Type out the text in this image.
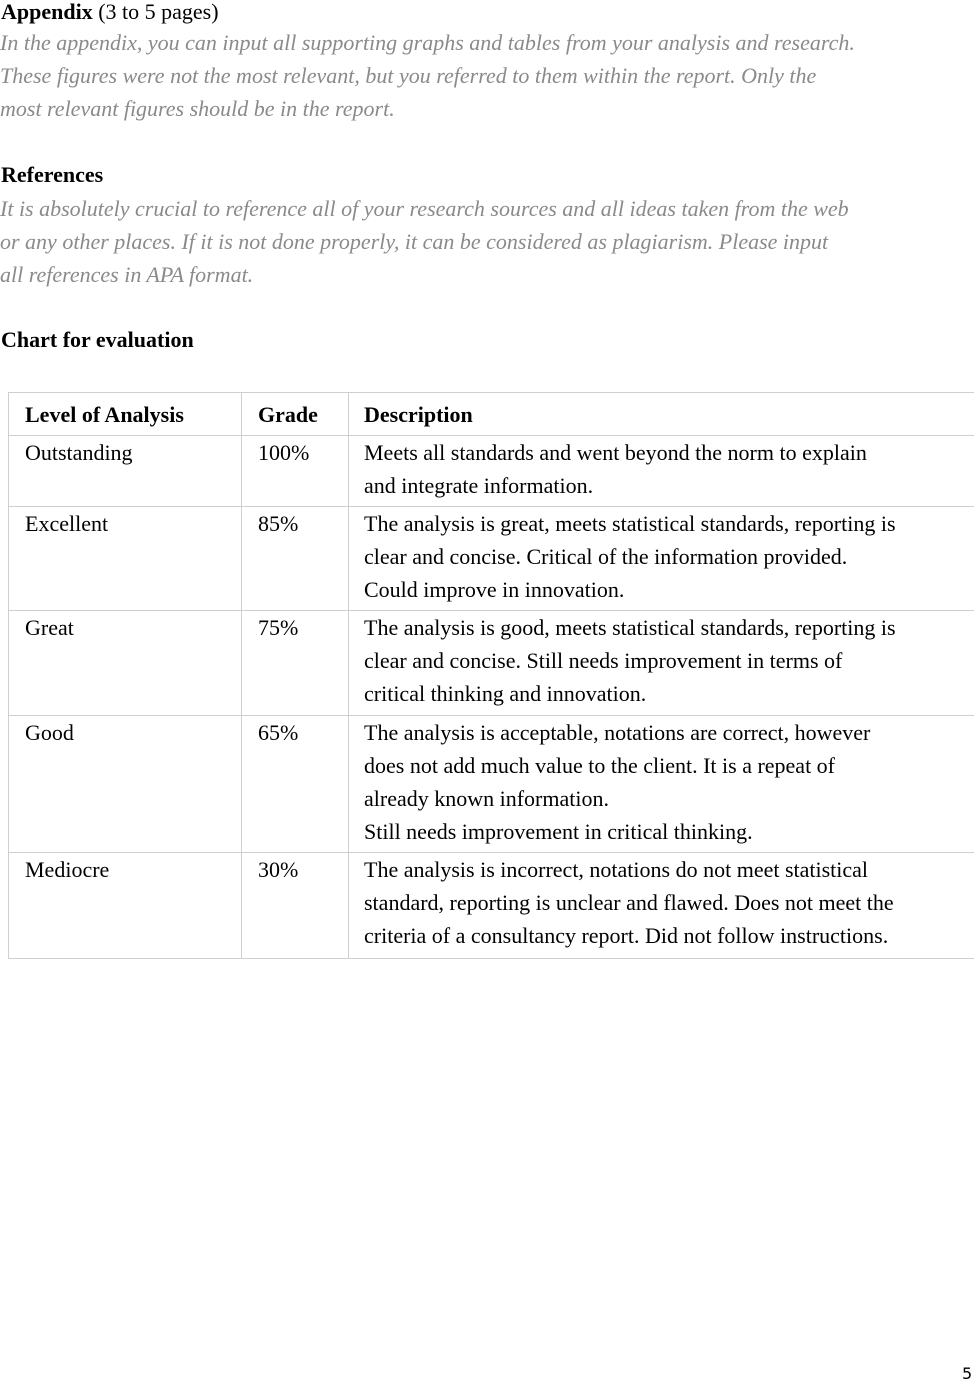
Appendix (3 to 5 pages)
In the appendix, you can input all supporting graphs and tables from your analysis and research.
These figures were not the most relevant, but you referred to them within the report. Only the
most relevant figures should be in the report.
References
It is absolutely crucial to reference all of your research sources and all ideas taken from the web
or any other places. If it is not done properly, it can be considered as plagiarism. Please input
all references in APA format.
Chart for evaluation
Level of Analysis	Grade	Description
Outstanding	100%	Meets all standards and went beyond the norm to explain
and integrate information.

Excellent	85%	The analysis is great, meets statistical standards, reporting is
clear and concise. Critical of the information provided.
Could improve in innovation.

Great	75%	The analysis is good, meets statistical standards, reporting is
clear and concise. Still needs improvement in terms of
critical thinking and innovation.

Good	65%	The analysis is acceptable, notations are correct, however
does not add much value to the client. It is a repeat of
already known information.
Still needs improvement in critical thinking.

Mediocre	30%	The analysis is incorrect, notations do not meet statistical
standard, reporting is unclear and flawed. Does not meet the
criteria of a consultancy report. Did not follow instructions.
5
